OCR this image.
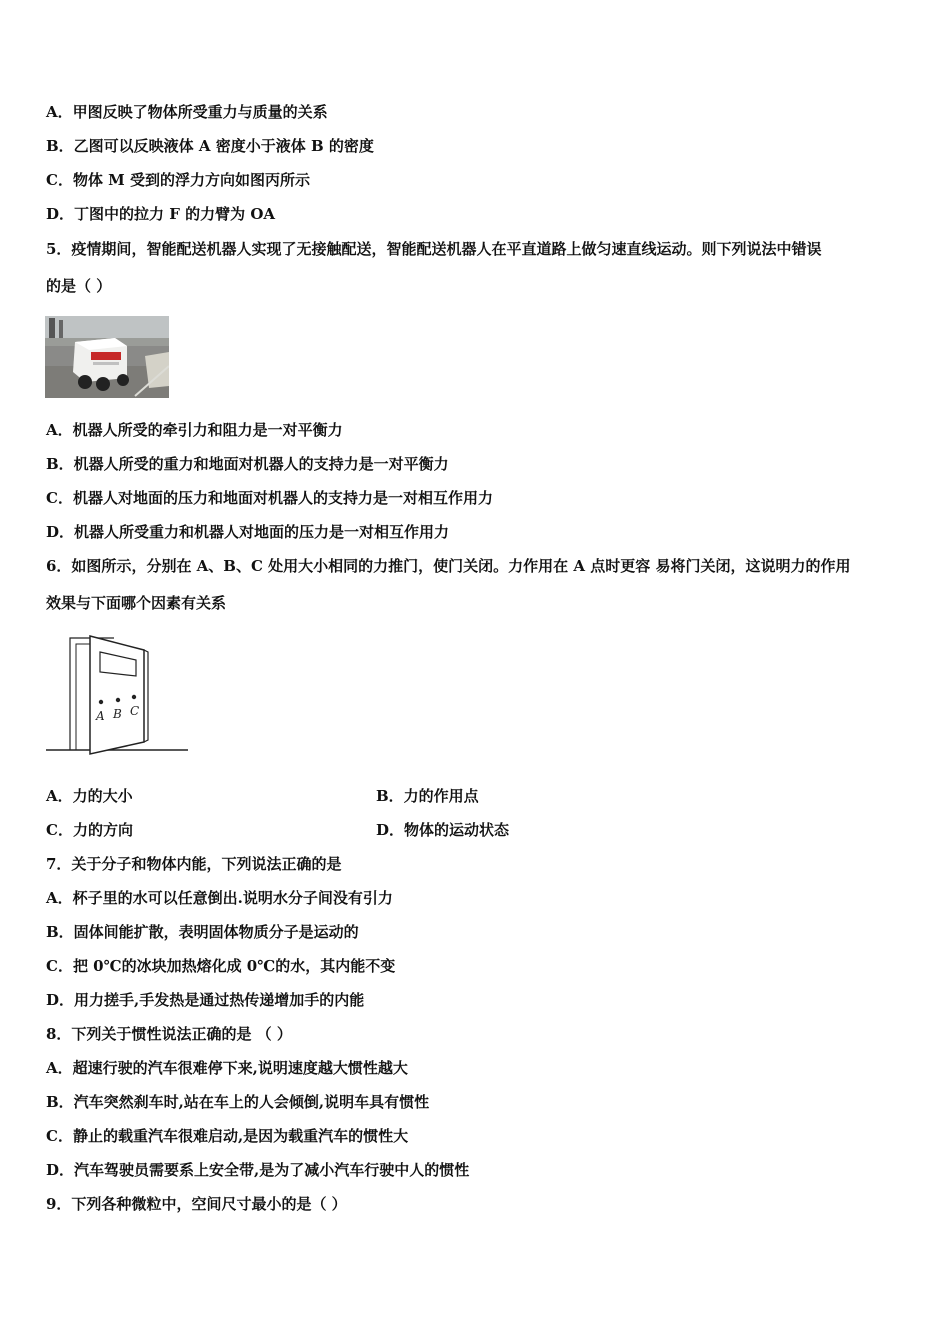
A．甲图反映了物体所受重力与质量的关系
B．乙图可以反映液体 A 密度小于液体 B 的密度
C．物体 M 受到的浮力方向如图丙所示
D．丁图中的拉力 F 的力臂为 OA
5．疫情期间，智能配送机器人实现了无接触配送，智能配送机器人在平直道路上做匀速直线运动。则下列说法中错误
的是（ ）
A．机器人所受的牵引力和阻力是一对平衡力
B．机器人所受的重力和地面对机器人的支持力是一对平衡力
C．机器人对地面的压力和地面对机器人的支持力是一对相互作用力
D．机器人所受重力和机器人对地面的压力是一对相互作用力
6．如图所示，分别在 A、B、C 处用大小相同的力推门，使门关闭。力作用在 A 点时更容 易将门关闭，这说明力的作用
效果与下面哪个因素有关系
A B C
A．力的大小	B．力的作用点
C．力的方向	D．物体的运动状态
7．关于分子和物体内能，下列说法正确的是
A．杯子里的水可以任意倒出.说明水分子间没有引力
B．固体间能扩散，表明固体物质分子是运动的
C．把 0℃的冰块加热熔化成 0℃的水，其内能不变
D．用力搓手,手发热是通过热传递增加手的内能
8．下列关于惯性说法正确的是 （ ）
A．超速行驶的汽车很难停下来,说明速度越大惯性越大
B．汽车突然刹车时,站在车上的人会倾倒,说明车具有惯性
C．静止的载重汽车很难启动,是因为载重汽车的惯性大
D．汽车驾驶员需要系上安全带,是为了减小汽车行驶中人的惯性
9．下列各种微粒中，空间尺寸最小的是（ ）
